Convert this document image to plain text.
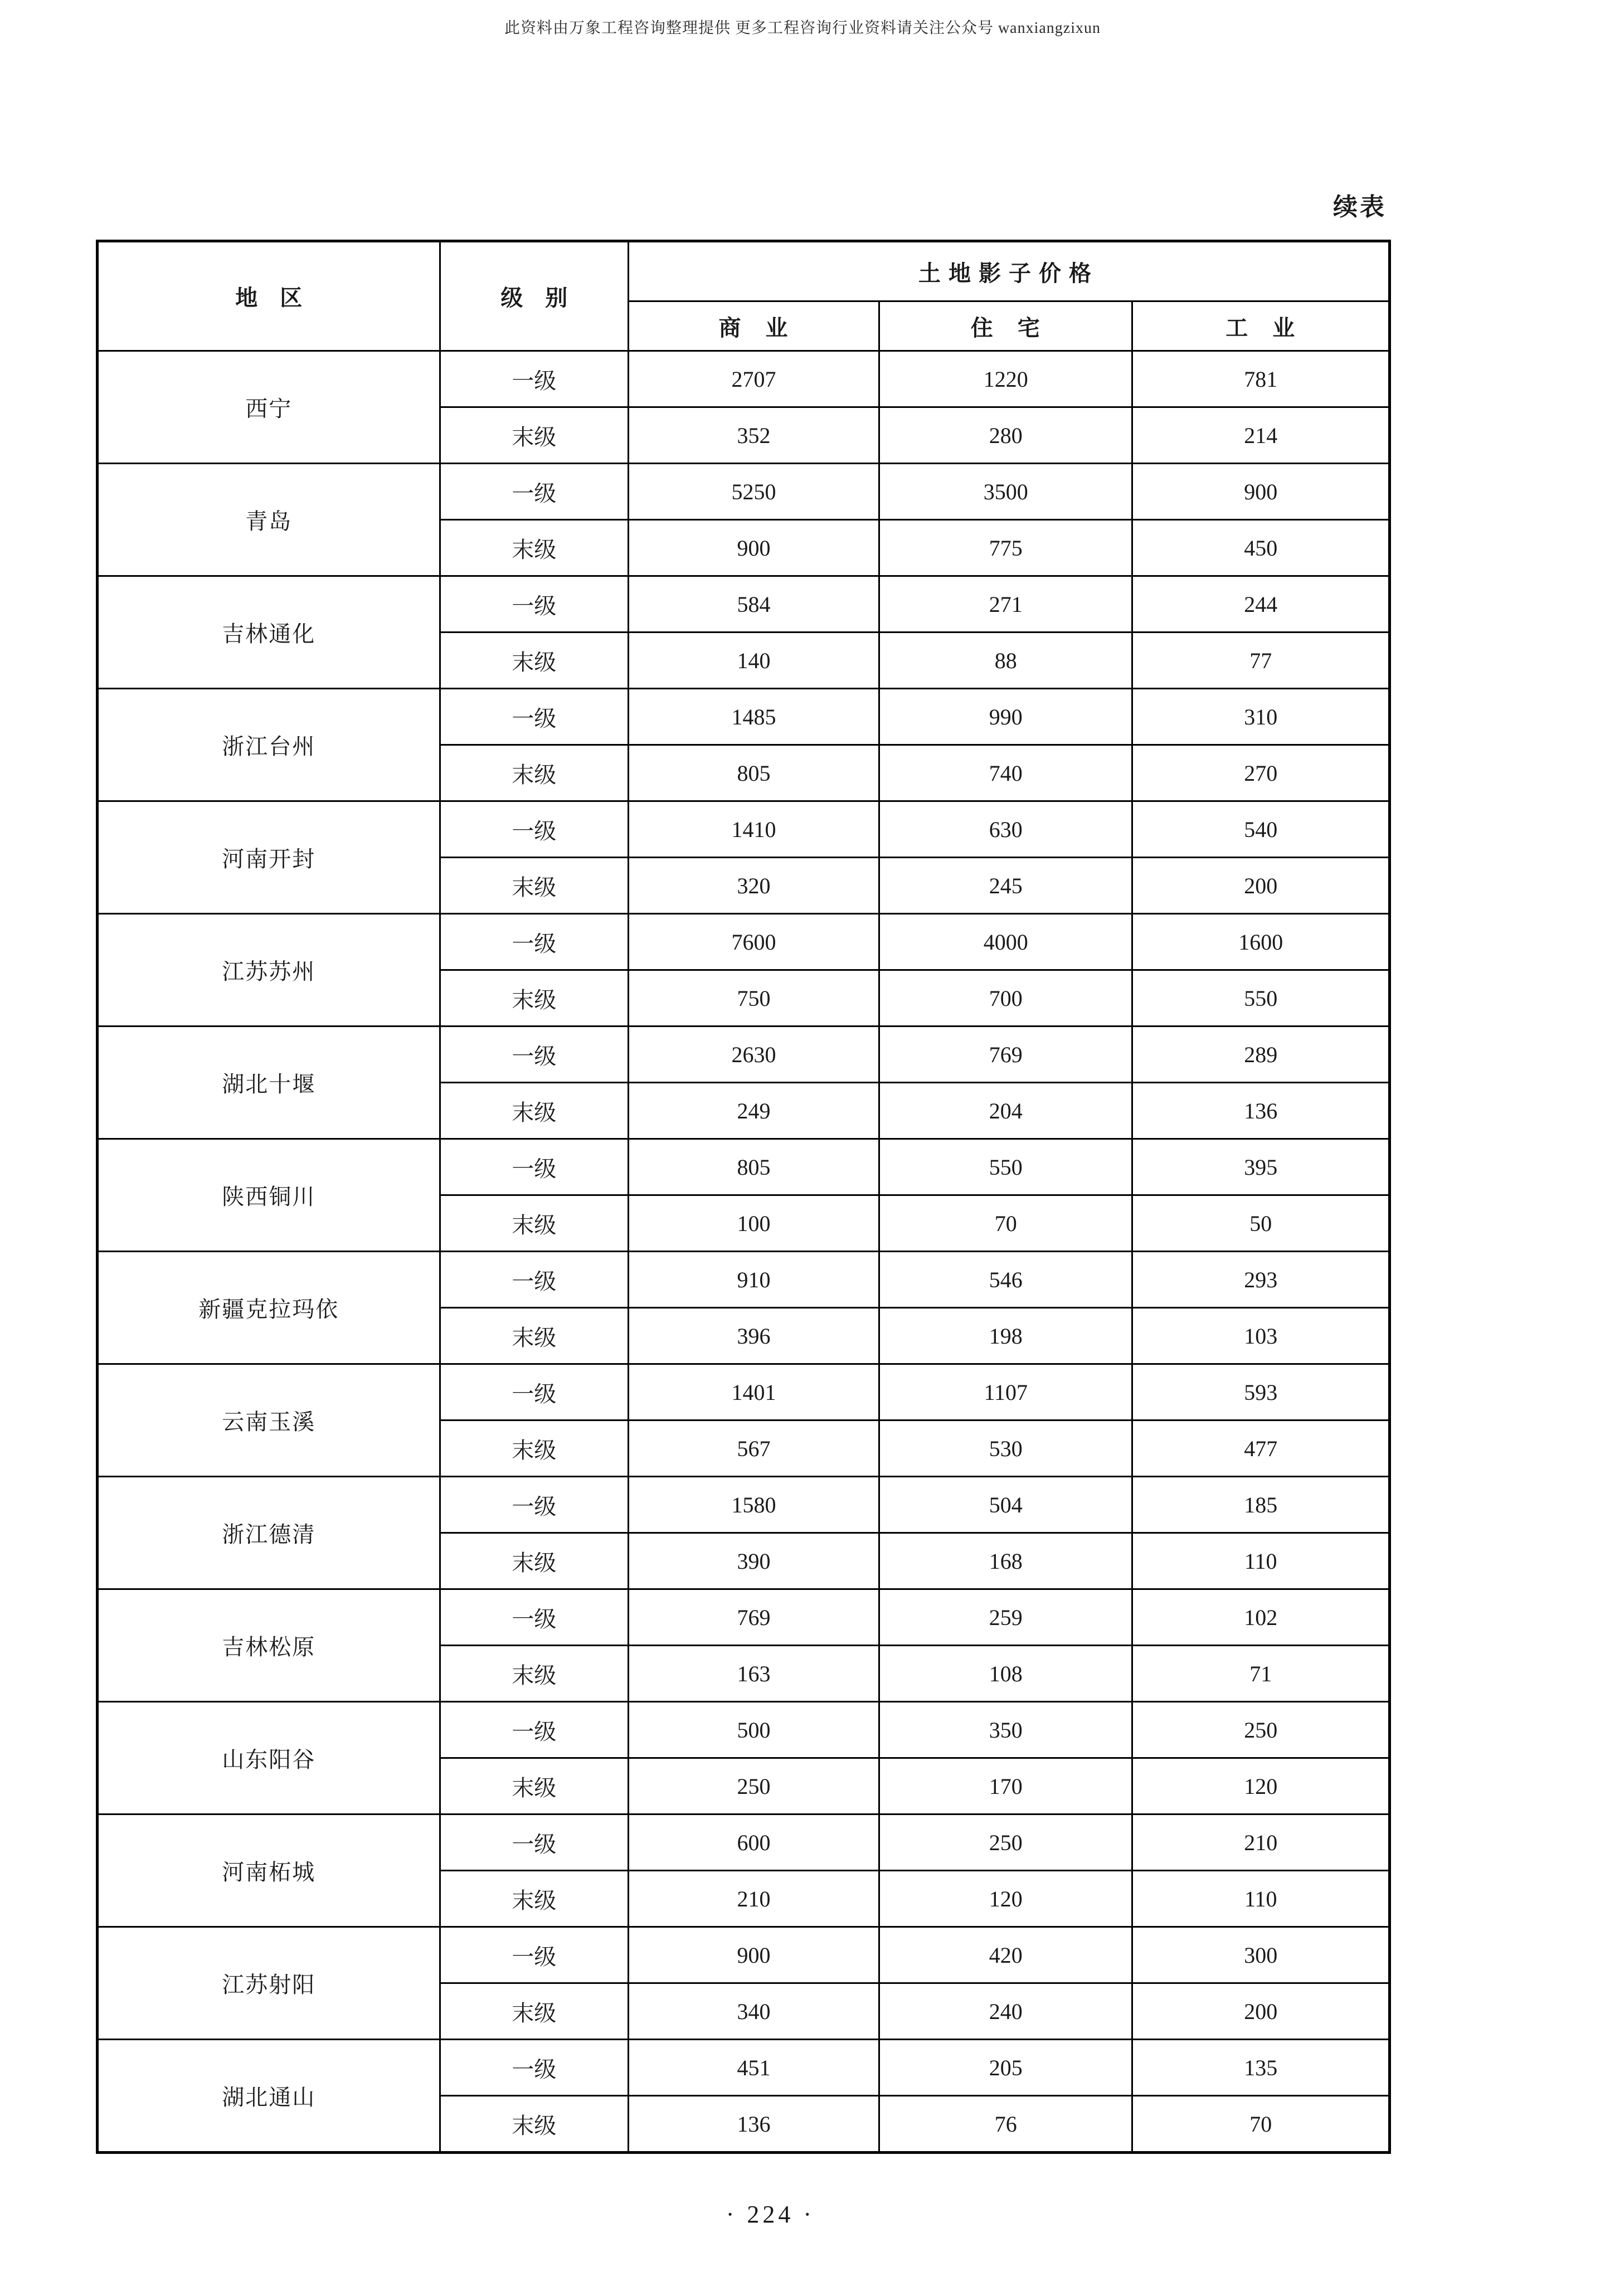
此资料由万象工程咨询整理提供 更多工程咨询行业资料请关注公众号 wanxiangzixun
续表
地　区	级　别	土地影子价格		
		商　业	住　宅	工　业
西宁	一级	2707	1220	781
	末级	352	280	214
青岛	一级	5250	3500	900
	末级	900	775	450
吉林通化	一级	584	271	244
	末级	140	88	77
浙江台州	一级	1485	990	310
	末级	805	740	270
河南开封	一级	1410	630	540
	末级	320	245	200
江苏苏州	一级	7600	4000	1600
	末级	750	700	550
湖北十堰	一级	2630	769	289
	末级	249	204	136
陕西铜川	一级	805	550	395
	末级	100	70	50
新疆克拉玛依	一级	910	546	293
	末级	396	198	103
云南玉溪	一级	1401	1107	593
	末级	567	530	477
浙江德清	一级	1580	504	185
	末级	390	168	110
吉林松原	一级	769	259	102
	末级	163	108	71
山东阳谷	一级	500	350	250
	末级	250	170	120
河南柘城	一级	600	250	210
	末级	210	120	110
江苏射阳	一级	900	420	300
	末级	340	240	200
湖北通山	一级	451	205	135
	末级	136	76	70
· 224 ·
